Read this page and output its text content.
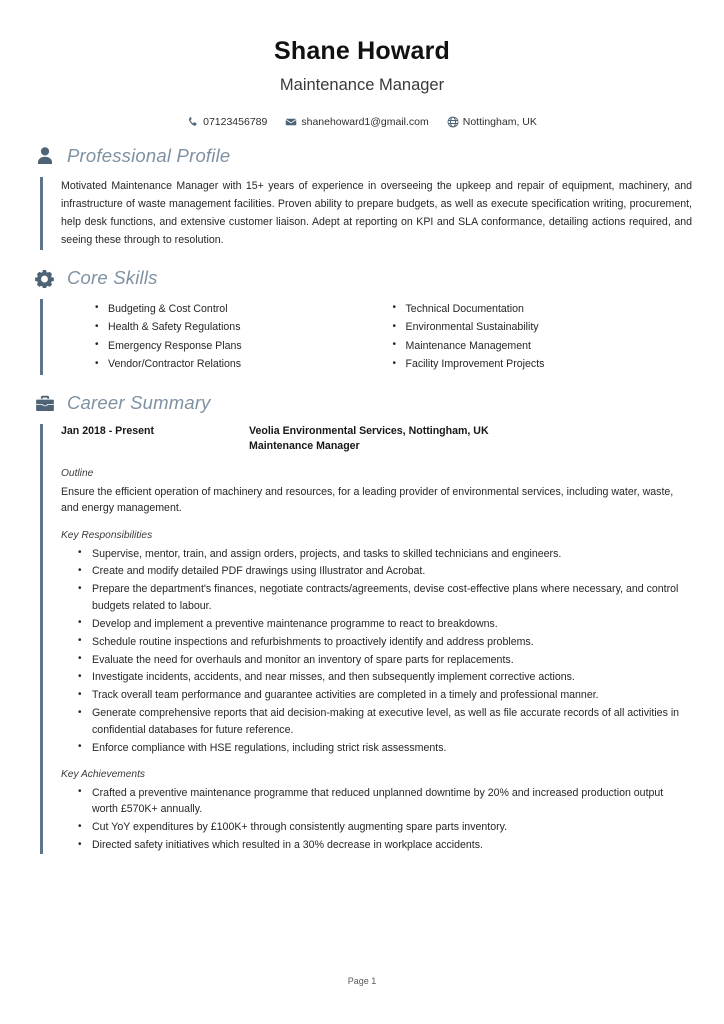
Shane Howard
Maintenance Manager
07123456789	shanehoward1@gmail.com	Nottingham, UK
Professional Profile
Motivated Maintenance Manager with 15+ years of experience in overseeing the upkeep and repair of equipment, machinery, and infrastructure of waste management facilities. Proven ability to prepare budgets, as well as execute specification writing, procurement, help desk functions, and extensive customer liaison. Adept at reporting on KPI and SLA conformance, detailing actions required, and seeing these through to resolution.
Core Skills
• Budgeting & Cost Control
• Health & Safety Regulations
• Emergency Response Plans
• Vendor/Contractor Relations
• Technical Documentation
• Environmental Sustainability
• Maintenance Management
• Facility Improvement Projects
Career Summary
Jan 2018 - Present	Veolia Environmental Services, Nottingham, UK
Maintenance Manager
Outline
Ensure the efficient operation of machinery and resources, for a leading provider of environmental services, including water, waste, and energy management.
Key Responsibilities
• Supervise, mentor, train, and assign orders, projects, and tasks to skilled technicians and engineers.
• Create and modify detailed PDF drawings using Illustrator and Acrobat.
• Prepare the department's finances, negotiate contracts/agreements, devise cost-effective plans where necessary, and control budgets related to labour.
• Develop and implement a preventive maintenance programme to react to breakdowns.
• Schedule routine inspections and refurbishments to proactively identify and address problems.
• Evaluate the need for overhauls and monitor an inventory of spare parts for replacements.
• Investigate incidents, accidents, and near misses, and then subsequently implement corrective actions.
• Track overall team performance and guarantee activities are completed in a timely and professional manner.
• Generate comprehensive reports that aid decision-making at executive level, as well as file accurate records of all activities in confidential databases for future reference.
• Enforce compliance with HSE regulations, including strict risk assessments.
Key Achievements
• Crafted a preventive maintenance programme that reduced unplanned downtime by 20% and increased production output worth £570K+ annually.
• Cut YoY expenditures by £100K+ through consistently augmenting spare parts inventory.
• Directed safety initiatives which resulted in a 30% decrease in workplace accidents.
Page 1
